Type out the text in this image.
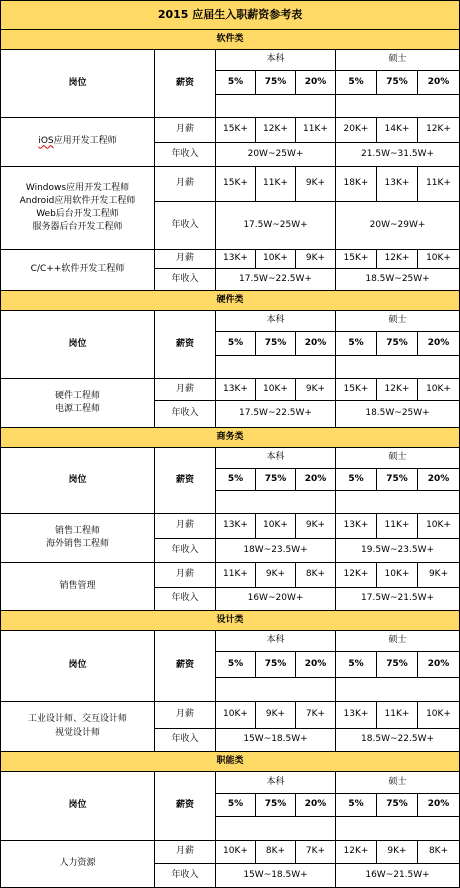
2015 应届生入职薪资参考表							
软件类							
岗位	薪资	本科			硕士		
		5%	75%	20%	5%	75%	20%

iOS应用开发工程师	月薪	15K+	12K+	11K+	20K+	14K+	12K+
	年收入	20W~25W+			21.5W~31.5W+		

Windows应用开发工程师
Android应用软件开发工程师
Web后台开发工程师
服务器后台开发工程师	月薪	15K+	11K+	9K+	18K+	13K+	11K+
	年收入	17.5W~25W+			20W~29W+		

C/C++软件开发工程师	月薪	13K+	10K+	9K+	15K+	12K+	10K+
	年收入	17.5W~22.5W+			18.5W~25W+		
硬件类							
岗位	薪资	本科			硕士		
		5%	75%	20%	5%	75%	20%

硬件工程师
电源工程师	月薪	13K+	10K+	9K+	15K+	12K+	10K+
	年收入	17.5W~22.5W+			18.5W~25W+		
商务类							
岗位	薪资	本科			硕士		
		5%	75%	20%	5%	75%	20%

销售工程师
海外销售工程师	月薪	13K+	10K+	9K+	13K+	11K+	10K+
	年收入	18W~23.5W+			19.5W~23.5W+		

销售管理	月薪	11K+	9K+	8K+	12K+	10K+	9K+
	年收入	16W~20W+			17.5W~21.5W+		
设计类							
岗位	薪资	本科			硕士		
		5%	75%	20%	5%	75%	20%

工业设计师、交互设计师
视觉设计师	月薪	10K+	9K+	7K+	13K+	11K+	10K+
	年收入	15W~18.5W+			18.5W~22.5W+		
职能类							
岗位	薪资	本科			硕士		
		5%	75%	20%	5%	75%	20%

人力资源	月薪	10K+	8K+	7K+	12K+	9K+	8K+
	年收入	15W~18.5W+			16W~21.5W+		
